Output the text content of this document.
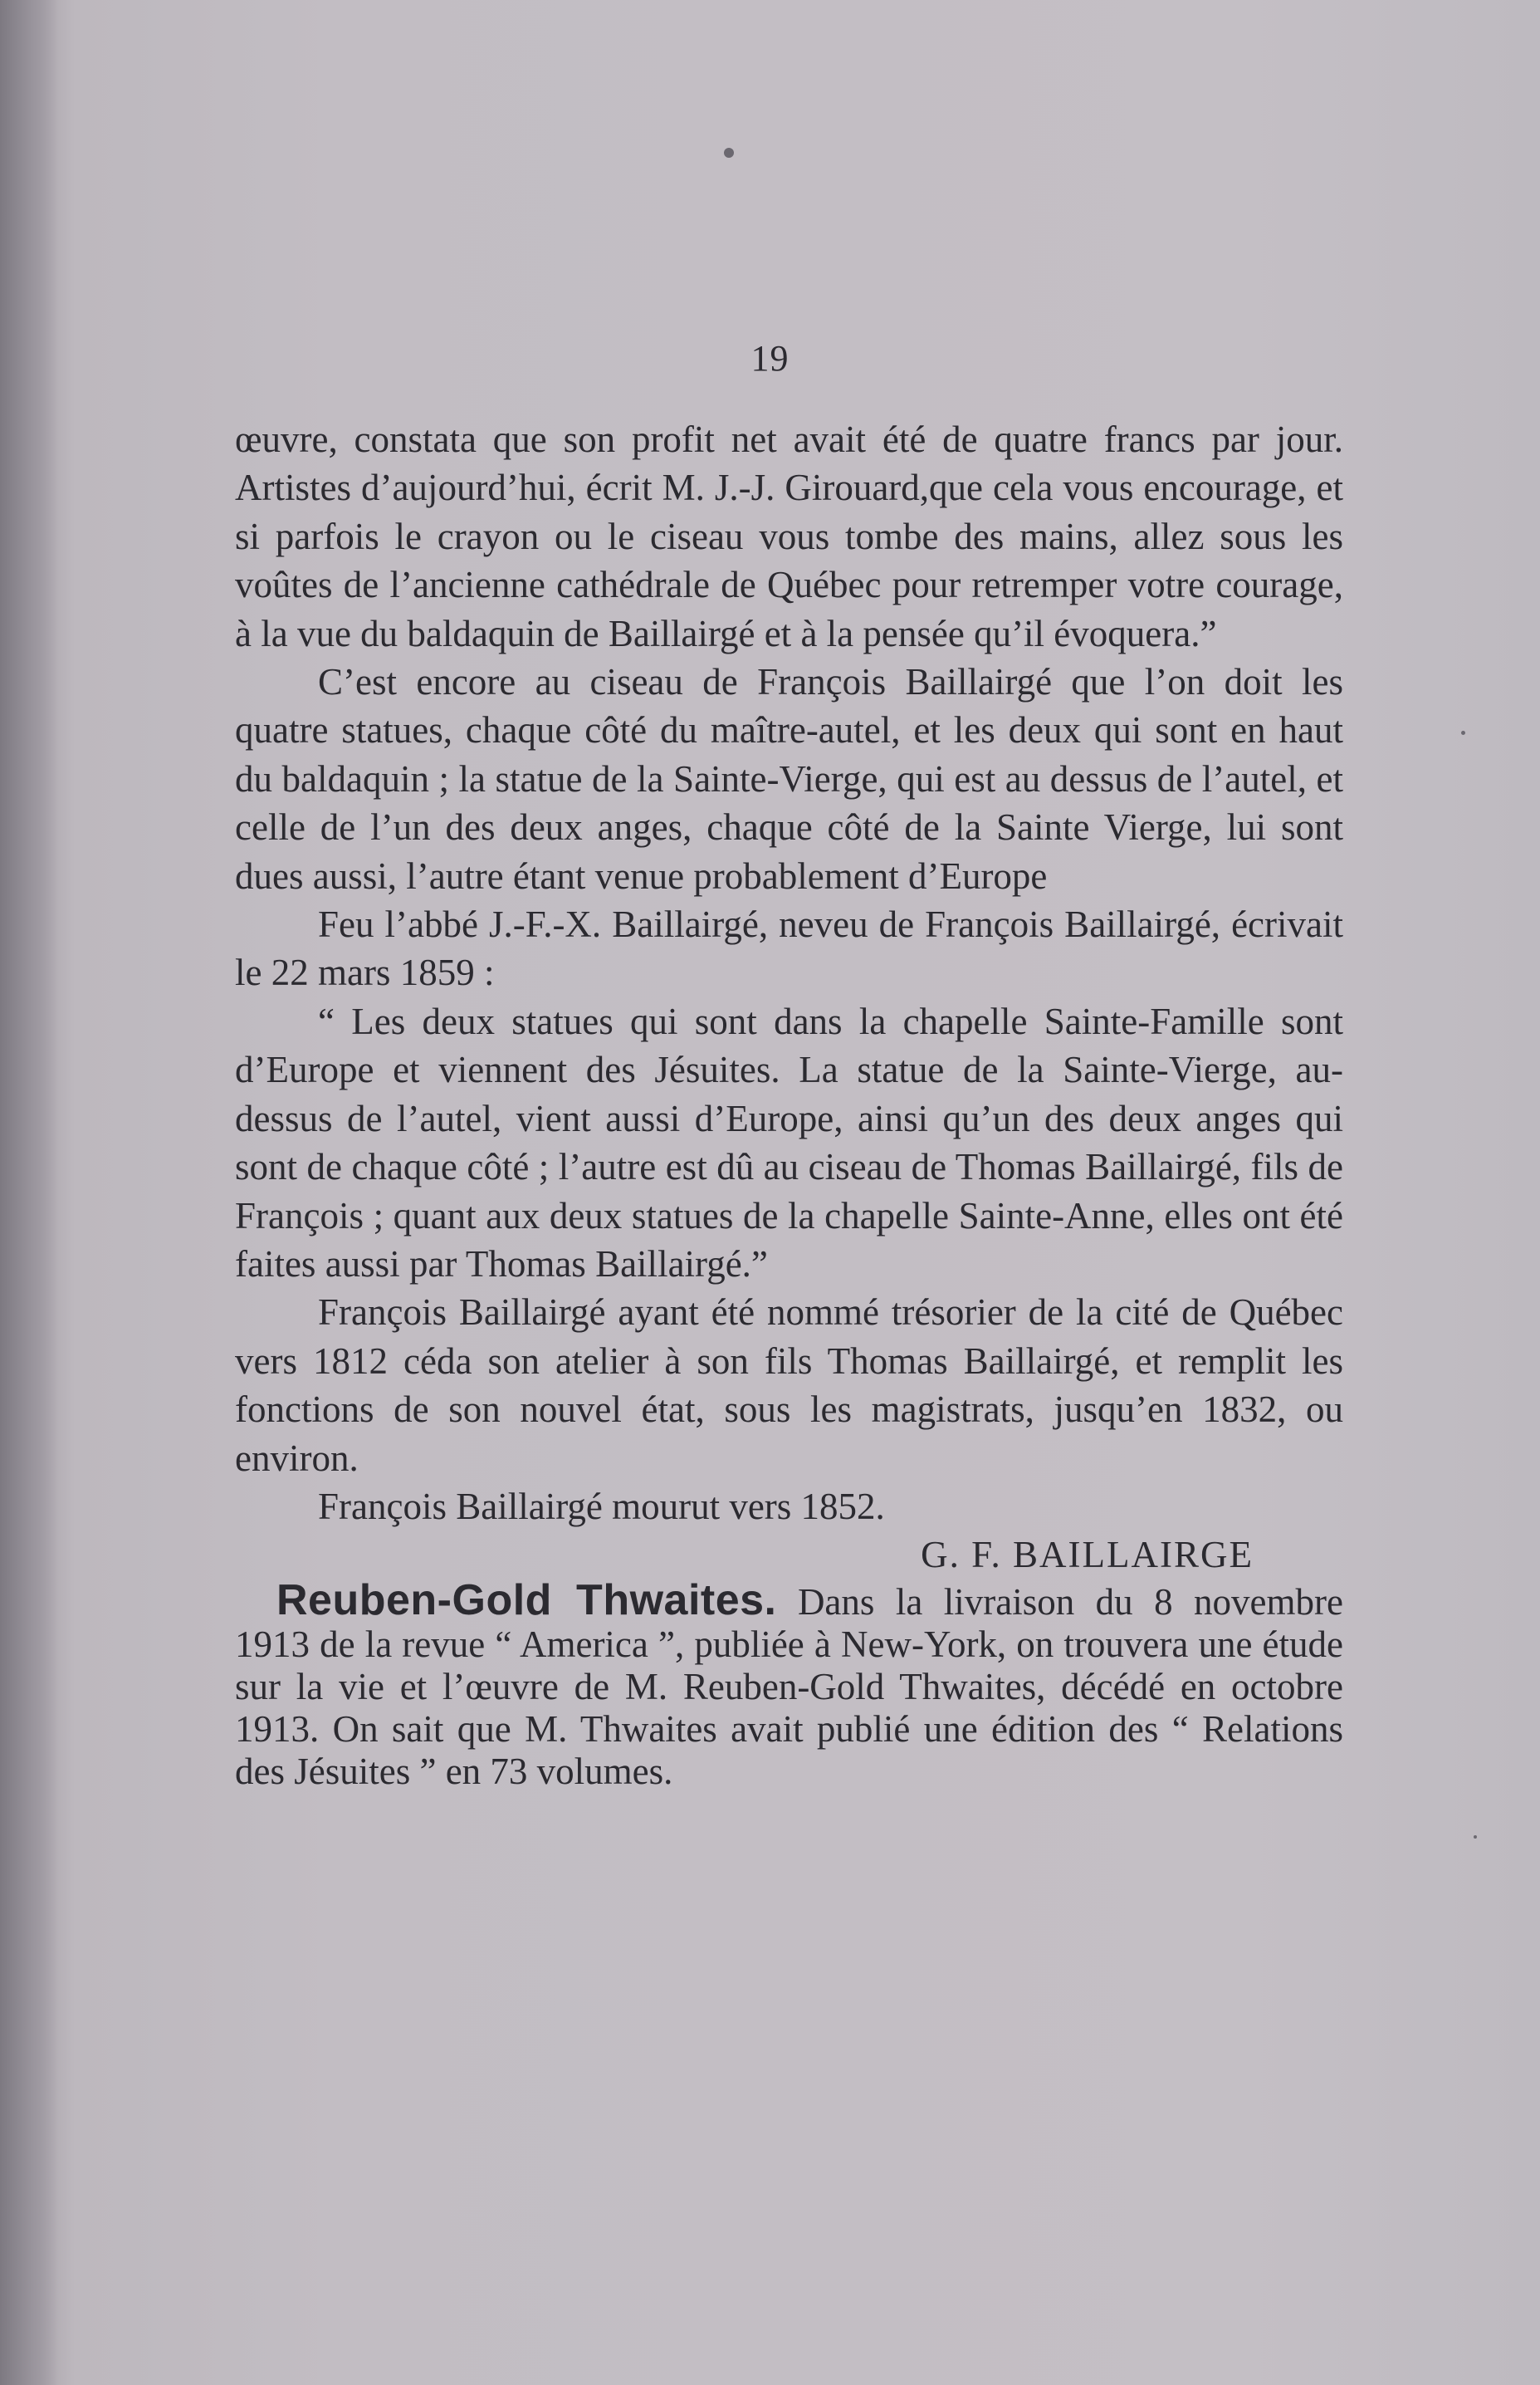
19

œuvre, constata que son profit net avait été de quatre francs par jour. Artistes d’aujourd’hui, écrit M. J.-J. Girouard,que cela vous encourage, et si parfois le crayon ou le ciseau vous tombe des mains, allez sous les voûtes de l’ancienne cathédrale de Québec pour retremper votre courage, à la vue du baldaquin de Baillairgé et à la pensée qu’il évoquera.”

C’est encore au ciseau de François Baillairgé que l’on doit les quatre statues, chaque côté du maître-autel, et les deux qui sont en haut du baldaquin ; la statue de la Sainte-Vierge, qui est au dessus de l’autel, et celle de l’un des deux anges, chaque côté de la Sainte Vierge, lui sont dues aussi, l’autre étant venue probablement d’Europe

Feu l’abbé J.-F.-X. Baillairgé, neveu de François Baillairgé, écrivait le 22 mars 1859 :

“ Les deux statues qui sont dans la chapelle Sainte-Famille sont d’Europe et viennent des Jésuites. La statue de la Sainte-Vierge, au-dessus de l’autel, vient aussi d’Europe, ainsi qu’un des deux anges qui sont de chaque côté ; l’autre est dû au ciseau de Thomas Baillairgé, fils de François ; quant aux deux statues de la chapelle Sainte-Anne, elles ont été faites aussi par Thomas Baillairgé.”

François Baillairgé ayant été nommé trésorier de la cité de Québec vers 1812 céda son atelier à son fils Thomas Baillairgé, et remplit les fonctions de son nouvel état, sous les magistrats, jusqu’en 1832, ou environ.

François Baillairgé mourut vers 1852.

G. F. BAILLAIRGE

Reuben-Gold Thwaites. Dans la livraison du 8 novembre 1913 de la revue “ America ”, publiée à New-York, on trouvera une étude sur la vie et l’œuvre de M. Reuben-Gold Thwaites, décédé en octobre 1913. On sait que M. Thwaites avait publié une édition des “ Relations des Jésuites ” en 73 volumes.
